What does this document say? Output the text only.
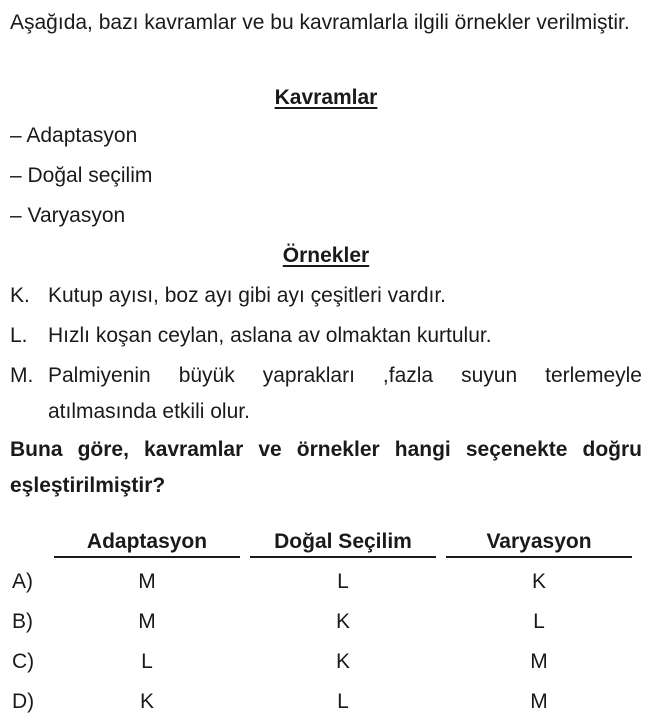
Aşağıda, bazı kavramlar ve bu kavramlarla ilgili örnekler verilmiştir.
Kavramlar
– Adaptasyon
– Doğal seçilim
– Varyasyon
Örnekler
K. Kutup ayısı, boz ayı gibi ayı çeşitleri vardır.
L. Hızlı koşan ceylan, aslana av olmaktan kurtulur.
M. Palmiyenin büyük yaprakları ,fazla suyun terlemeyle atılmasında etkili olur.
Buna göre, kavramlar ve örnekler hangi seçenekte doğru eşleştirilmiştir?
Adaptasyon	Doğal Seçilim	Varyasyon
A)	M	L	K
B)	M	K	L
C)	L	K	M
D)	K	L	M
